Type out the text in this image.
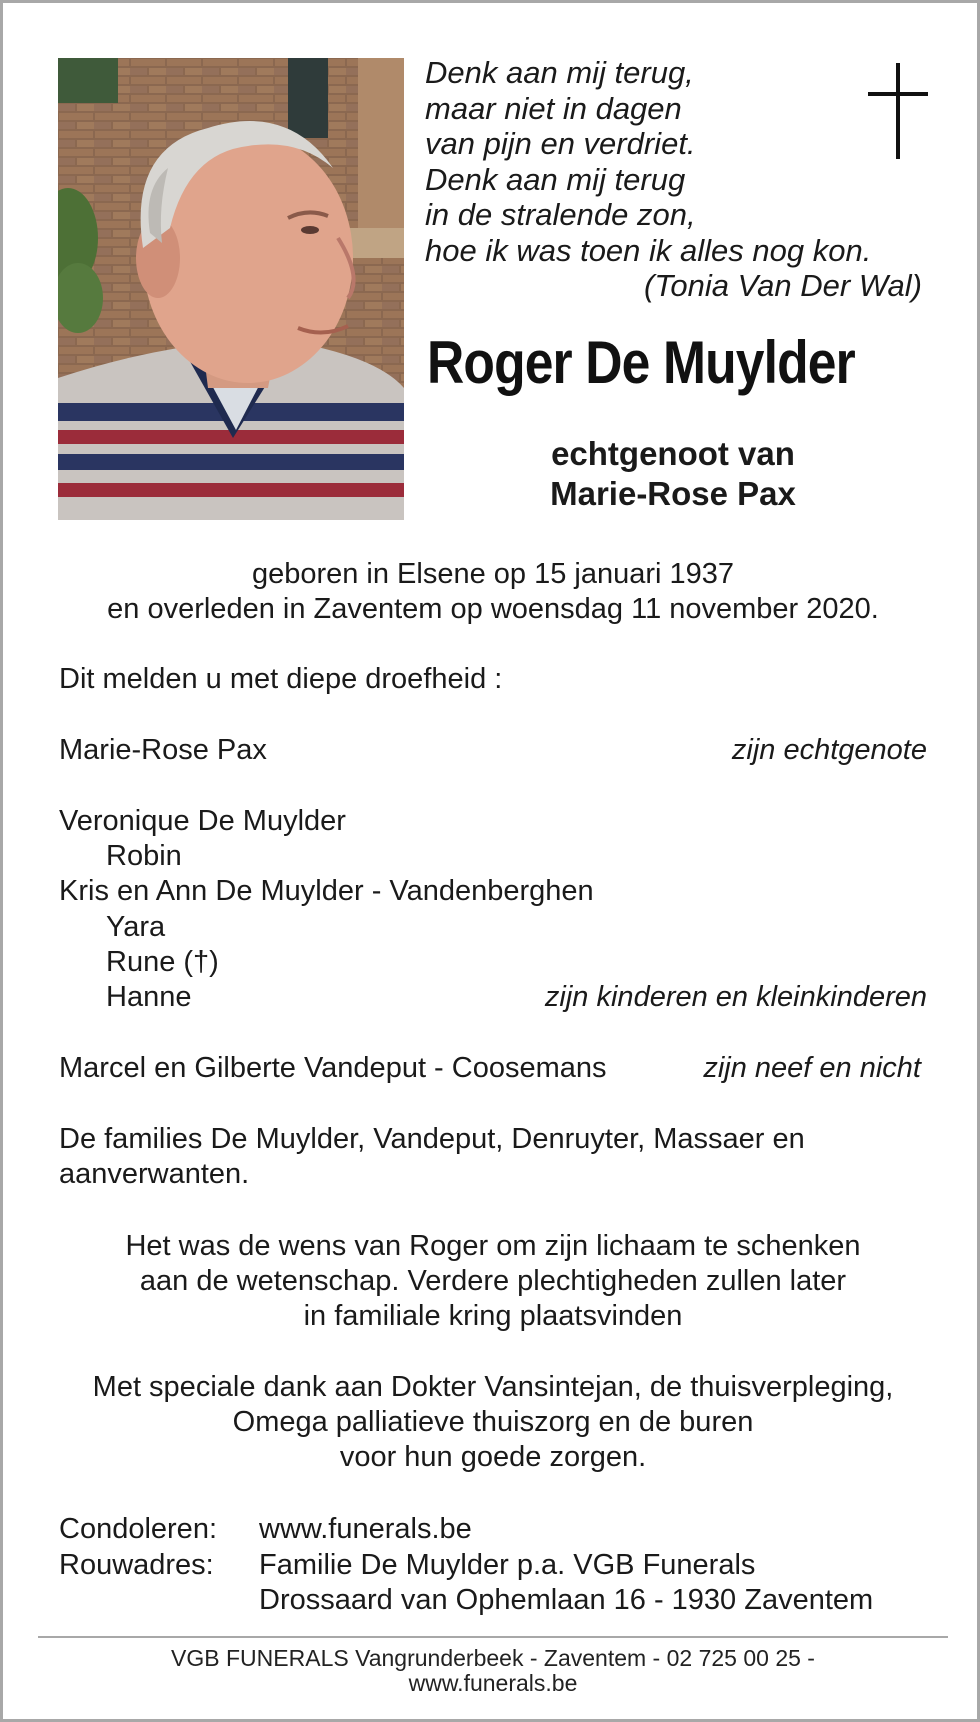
Denk aan mij terug,
maar niet in dagen
van pijn en verdriet.
Denk aan mij terug
in de stralende zon,
hoe ik was toen ik alles nog kon.
(Tonia Van Der Wal)
Roger De Muylder
echtgenoot van
Marie-Rose Pax
geboren in Elsene op 15 januari 1937
en overleden in Zaventem op woensdag 11 november 2020.
Dit melden u met diepe droefheid :
Marie-Rose Pax	zijn echtgenote
Veronique De Muylder
Robin
Kris en Ann De Muylder - Vandenberghen
Yara
Rune (†)
Hanne	zijn kinderen en kleinkinderen
Marcel en Gilberte Vandeput - Coosemans	zijn neef en nicht
De families De Muylder, Vandeput, Denruyter, Massaer en
aanverwanten.
Het was de wens van Roger om zijn lichaam te schenken
aan de wetenschap. Verdere plechtigheden zullen later
in familiale kring plaatsvinden
Met speciale dank aan Dokter Vansintejan, de thuisverpleging,
Omega palliatieve thuiszorg en de buren
voor hun goede zorgen.
Condoleren: www.funerals.be
Rouwadres: Familie De Muylder p.a. VGB Funerals
Drossaard van Ophemlaan 16 - 1930 Zaventem
VGB FUNERALS Vangrunderbeek - Zaventem - 02 725 00 25 -
www.funerals.be
